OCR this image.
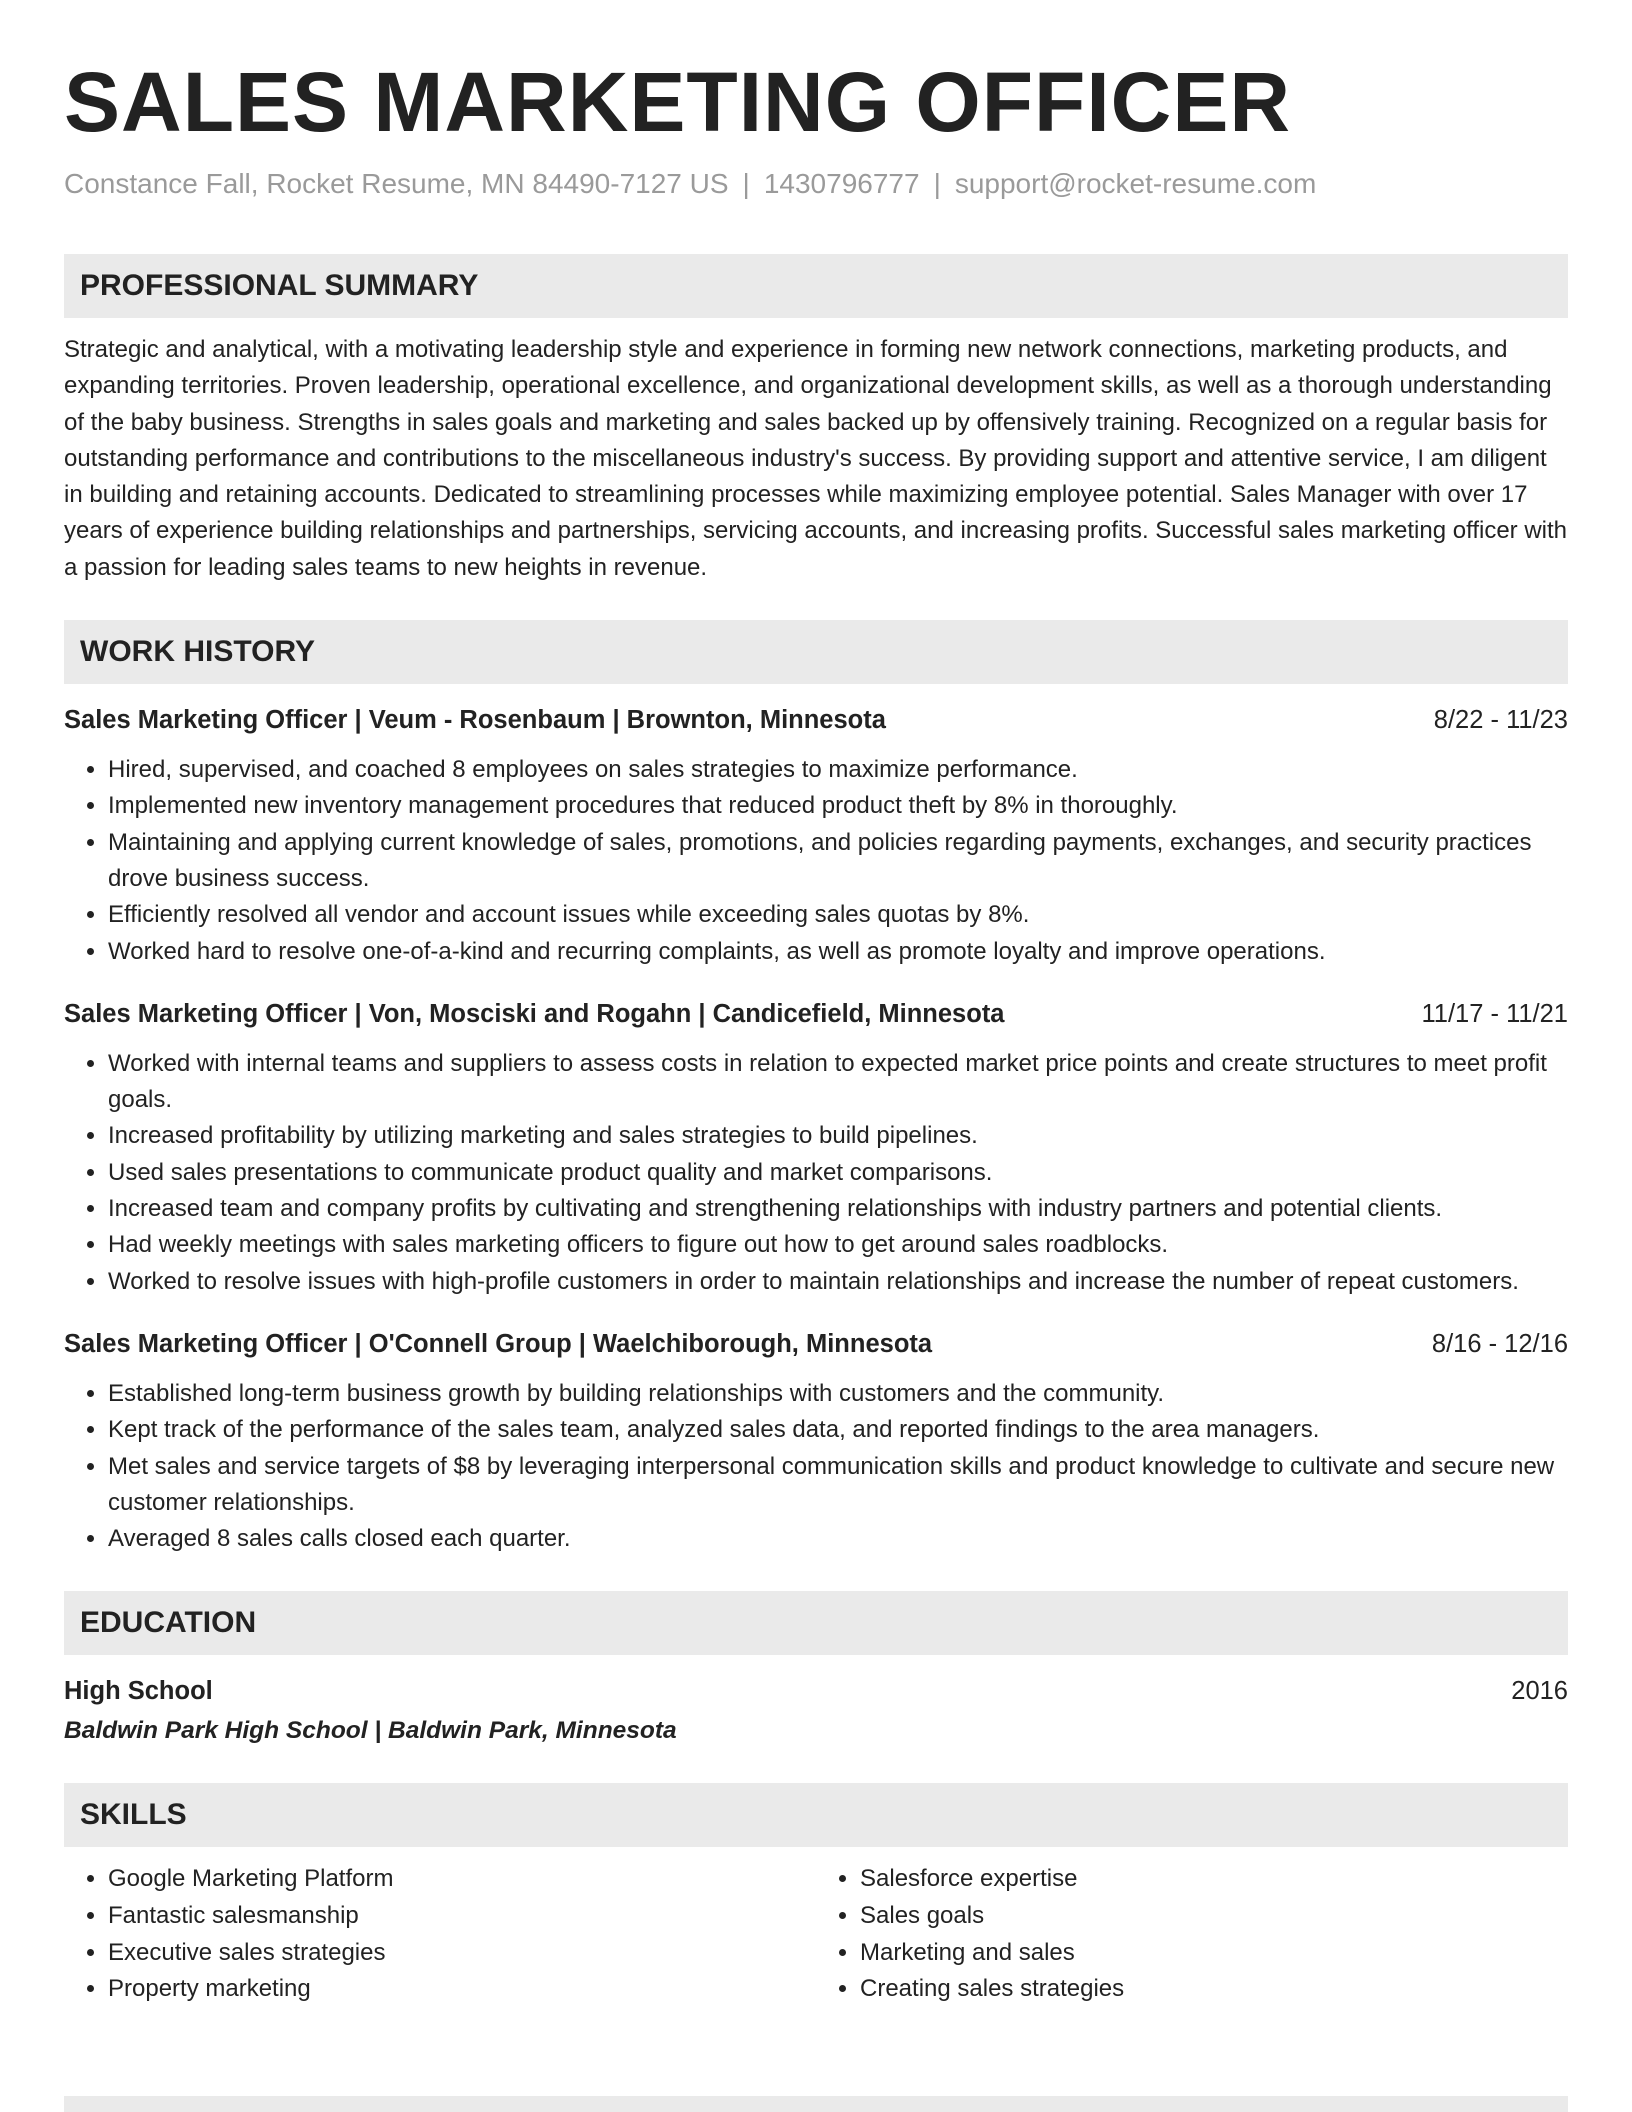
SALES MARKETING OFFICER
Constance Fall, Rocket Resume, MN 84490-7127 US | 1430796777 | support@rocket-resume.com
PROFESSIONAL SUMMARY
Strategic and analytical, with a motivating leadership style and experience in forming new network connections, marketing products, and expanding territories. Proven leadership, operational excellence, and organizational development skills, as well as a thorough understanding of the baby business. Strengths in sales goals and marketing and sales backed up by offensively training. Recognized on a regular basis for outstanding performance and contributions to the miscellaneous industry's success. By providing support and attentive service, I am diligent in building and retaining accounts. Dedicated to streamlining processes while maximizing employee potential. Sales Manager with over 17 years of experience building relationships and partnerships, servicing accounts, and increasing profits. Successful sales marketing officer with a passion for leading sales teams to new heights in revenue.
WORK HISTORY
Sales Marketing Officer | Veum - Rosenbaum | Brownton, Minnesota	8/22 - 11/23
• Hired, supervised, and coached 8 employees on sales strategies to maximize performance.
• Implemented new inventory management procedures that reduced product theft by 8% in thoroughly.
• Maintaining and applying current knowledge of sales, promotions, and policies regarding payments, exchanges, and security practices drove business success.
• Efficiently resolved all vendor and account issues while exceeding sales quotas by 8%.
• Worked hard to resolve one-of-a-kind and recurring complaints, as well as promote loyalty and improve operations.
Sales Marketing Officer | Von, Mosciski and Rogahn | Candicefield, Minnesota	11/17 - 11/21
• Worked with internal teams and suppliers to assess costs in relation to expected market price points and create structures to meet profit goals.
• Increased profitability by utilizing marketing and sales strategies to build pipelines.
• Used sales presentations to communicate product quality and market comparisons.
• Increased team and company profits by cultivating and strengthening relationships with industry partners and potential clients.
• Had weekly meetings with sales marketing officers to figure out how to get around sales roadblocks.
• Worked to resolve issues with high-profile customers in order to maintain relationships and increase the number of repeat customers.
Sales Marketing Officer | O'Connell Group | Waelchiborough, Minnesota	8/16 - 12/16
• Established long-term business growth by building relationships with customers and the community.
• Kept track of the performance of the sales team, analyzed sales data, and reported findings to the area managers.
• Met sales and service targets of $8 by leveraging interpersonal communication skills and product knowledge to cultivate and secure new customer relationships.
• Averaged 8 sales calls closed each quarter.
EDUCATION
High School	2016
Baldwin Park High School | Baldwin Park, Minnesota
SKILLS
• Google Marketing Platform
• Fantastic salesmanship
• Executive sales strategies
• Property marketing
• Salesforce expertise
• Sales goals
• Marketing and sales
• Creating sales strategies
